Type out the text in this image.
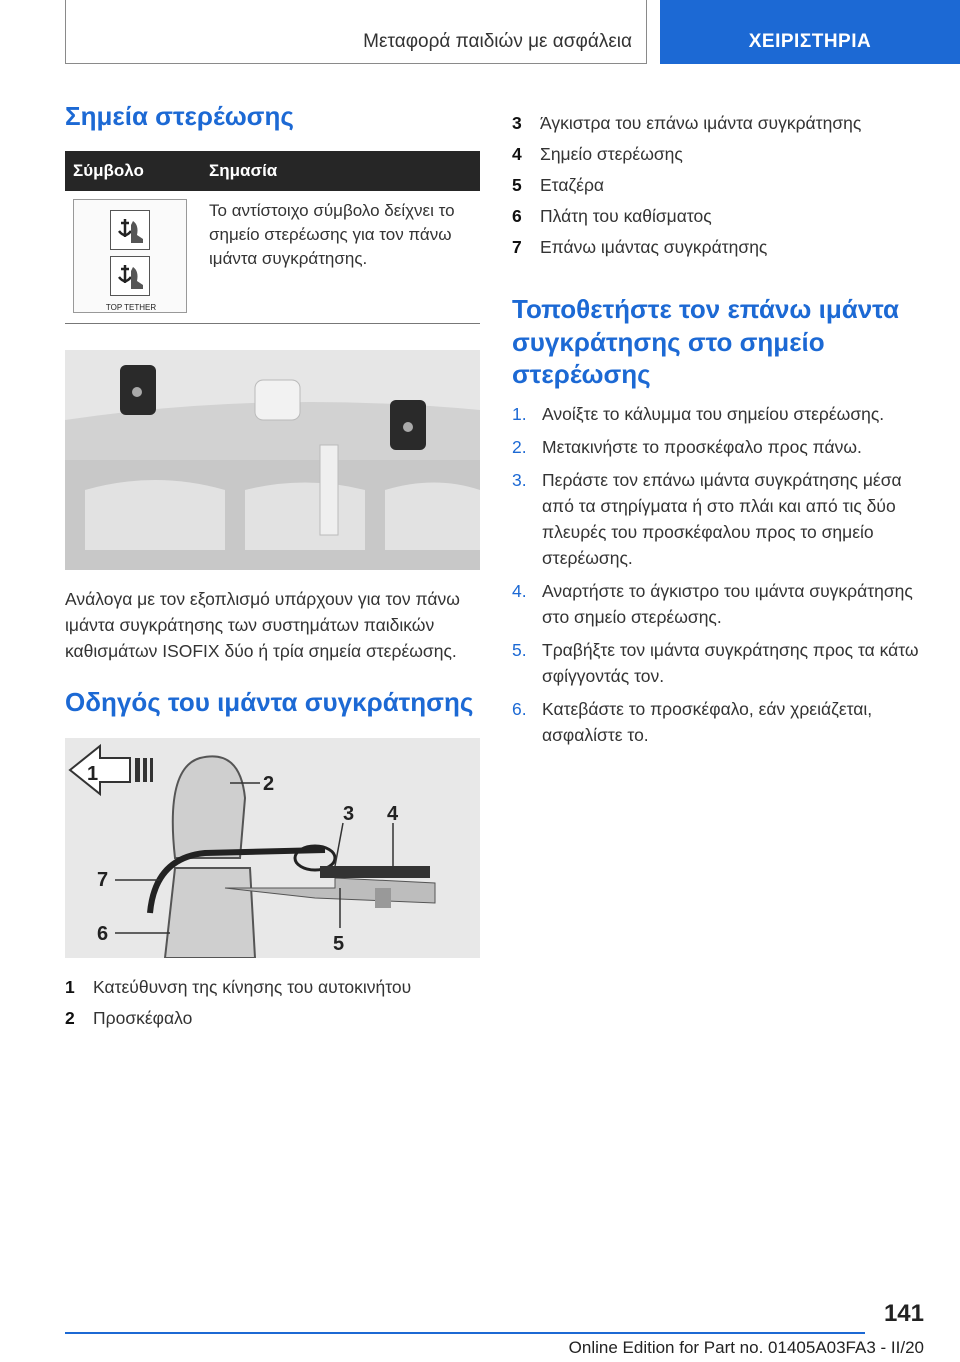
Μεταφορά παιδιών με ασφάλεια	ΧΕΙΡΙΣΤΗΡΙΑ
Σημεία στερέωσης
Σύμβολο	Σημασία

TOP TETHER	Το αντίστοιχο σύμβολο δείχνει το σημείο στερέωσης για τον πάνω ιμάντα συγκράτησης.

Ανάλογα με τον εξοπλισμό υπάρχουν για τον πάνω ιμάντα συγκράτησης των συστημάτων παιδικών καθισμάτων ISOFIX δύο ή τρία σημεία στερέωσης.

Οδηγός του ιμάντα συγκράτησης
1	2
3 4
5
6
7
1	Κατεύθυνση της κίνησης του αυτοκινήτου
2	Προσκέφαλο
3	Άγκιστρα του επάνω ιμάντα συγκράτησης
4	Σημείο στερέωσης
5	Εταζέρα
6	Πλάτη του καθίσματος
7	Επάνω ιμάντας συγκράτησης
Τοποθετήστε τον επάνω ιμάντα συγκράτησης στο σημείο στερέωσης
1. Ανοίξτε το κάλυμμα του σημείου στερέωσης.
2. Μετακινήστε το προσκέφαλο προς πάνω.
3. Περάστε τον επάνω ιμάντα συγκράτησης μέσα από τα στηρίγματα ή στο πλάι και από τις δύο πλευρές του προσκέφαλου προς το σημείο στερέωσης.
4. Αναρτήστε το άγκιστρο του ιμάντα συγκράτησης στο σημείο στερέωσης.
5. Τραβήξτε τον ιμάντα συγκράτησης προς τα κάτω σφίγγοντάς τον.
6. Κατεβάστε το προσκέφαλο, εάν χρειάζεται, ασφαλίστε το.
141
Online Edition for Part no. 01405A03FA3 - II/20
